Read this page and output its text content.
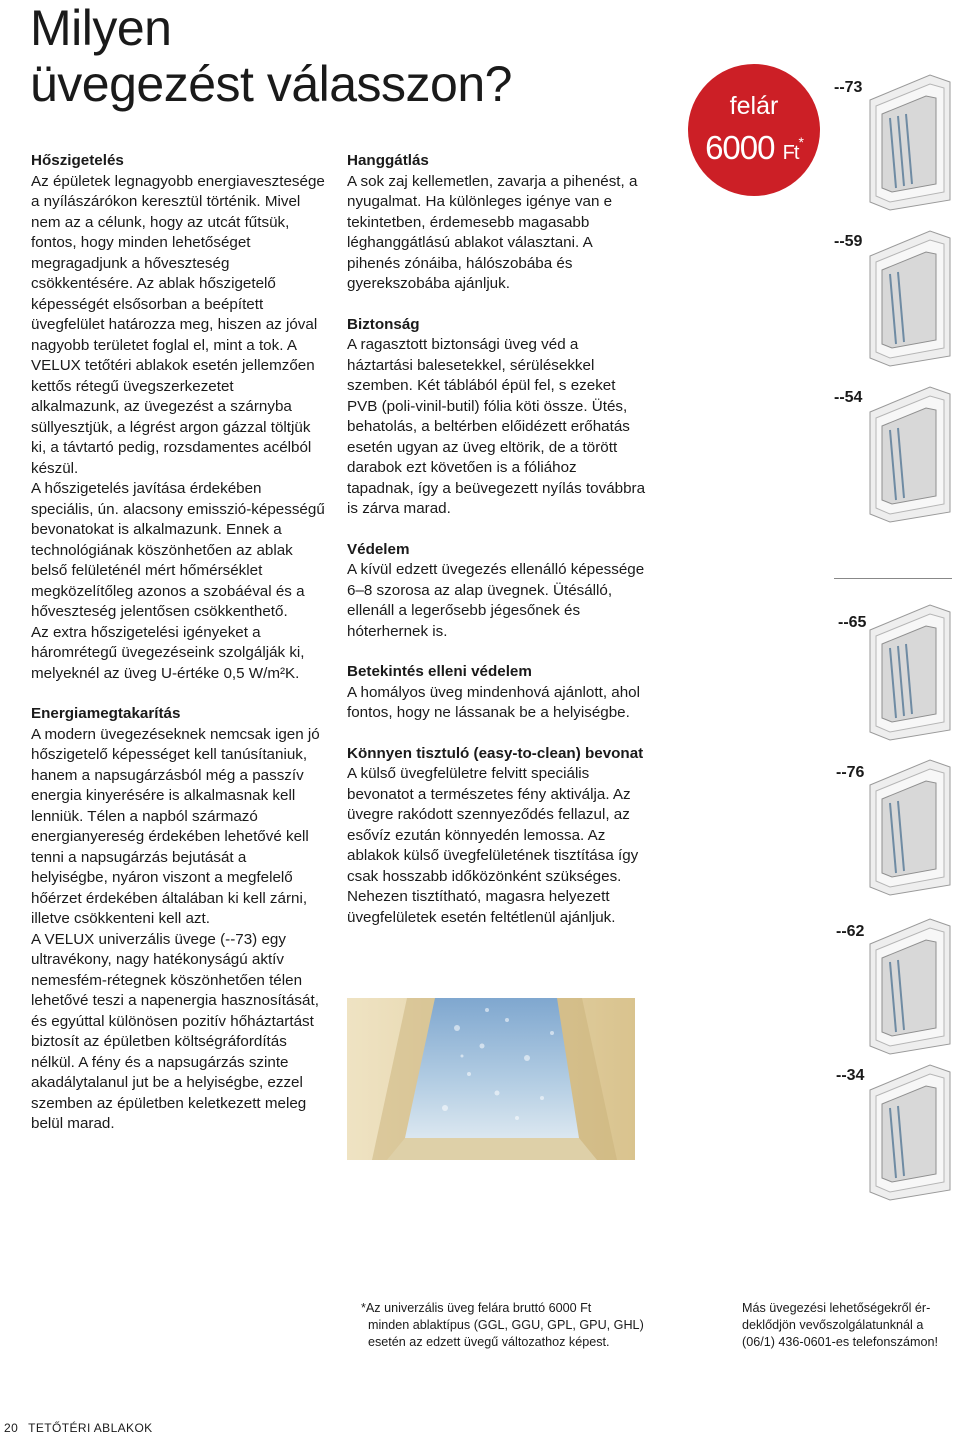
Milyen
üvegezést válasszon?
Hőszigetelés

Az épületek legnagyobb energiavesztesége a nyílászárókon keresztül történik. Mivel nem az a célunk, hogy az utcát fűtsük, fontos, hogy minden lehetőséget megragadjunk a hőveszteség csökkentésére. Az ablak hőszigetelő képességét elsősorban a beépített üvegfelület határozza meg, hiszen az jóval nagyobb területet foglal el, mint a tok. A VELUX tetőtéri ablakok esetén jellemzően kettős rétegű üvegszerkezetet alkalmazunk, az üvegezést a szárnyba süllyesztjük, a légrést argon gázzal töltjük ki, a távtartó pedig, rozsdamentes acélból készül.

A hőszigetelés javítása érdekében speciális, ún. alacsony emisszió-képességű bevonatokat is alkalmazunk. Ennek a technológiának köszönhetően az ablak belső felületénél mért hőmérséklet megközelítőleg azonos a szobáéval és a hőveszteség jelentősen csökkenthető.

Az extra hőszigetelési igényeket a háromrétegű üvegezéseink szolgálják ki, melyeknél az üveg U-értéke 0,5 W/m²K.

Energiamegtakarítás

A modern üvegezéseknek nemcsak igen jó hőszigetelő képességet kell tanúsítaniuk, hanem a napsugárzásból még a passzív energia kinyerésére is alkalmasnak kell lenniük. Télen a napból származó energianyereség érdekében lehetővé kell tenni a napsugárzás bejutását a helyiségbe, nyáron viszont a megfelelő hőérzet érdekében általában ki kell zárni, illetve csökkenteni kell azt.

A VELUX univerzális üvege (--73) egy ultravékony, nagy hatékonyságú aktív nemesfém-rétegnek köszönhetően télen lehetővé teszi a napenergia hasznosítását, és egyúttal különösen pozitív hőháztartást biztosít az épületben költségráfordítás nélkül. A fény és a napsugárzás szinte akadálytalanul jut be a helyiségbe, ezzel szemben az épületben keletkezett meleg belül marad.

Hanggátlás

A sok zaj kellemetlen, zavarja a pihenést, a nyugalmat. Ha különleges igénye van e tekintetben, érdemesebb magasabb léghanggátlású ablakot választani. A pihenés zónáiba, hálószobába és gyerekszobába ajánljuk.

Biztonság

A ragasztott biztonsági üveg véd a háztartási balesetekkel, sérülésekkel szemben. Két táblából épül fel, s ezeket PVB (poli-vinil-butil) fólia köti össze. Ütés, behatolás, a beltérben előidézett erőhatás esetén ugyan az üveg eltörik, de a törött darabok ezt követően is a fóliához tapadnak, így a beüvegezett nyílás továbbra is zárva marad.

Védelem

A kívül edzett üvegezés ellenálló képessége 6–8 szorosa az alap üvegnek. Ütésálló, ellenáll a legerősebb jégesőnek és hóterhernek is.

Betekintés elleni védelem

A homályos üveg mindenhová ajánlott, ahol fontos, hogy ne lássanak be a helyiségbe.

Könnyen tisztuló (easy-to-clean) bevonat

A külső üvegfelületre felvitt speciális bevonatot a természetes fény aktiválja. Az üvegre rakódott szennyeződés fellazul, az esővíz ezután könnyedén lemossa. Az ablakok külső üvegfelületének tisztítása így csak hosszabb időközönként szükséges.

Nehezen tisztítható, magasra helyezett üvegfelületek esetén feltétlenül ajánljuk.

felár
6000 Ft*
--73
--59
--54
--65
--76
--62
--34

*Az univerzális üveg felára bruttó 6000 Ft

minden ablaktípus (GGL, GGU, GPL, GPU, GHL)

esetén az edzett üvegű változathoz képest.

Más üvegezési lehetőségekről ér-

deklődjön vevőszolgálatunknál a

(06/1) 436-0601-es telefonszámon!

20 TETŐTÉRI ABLAKOK
